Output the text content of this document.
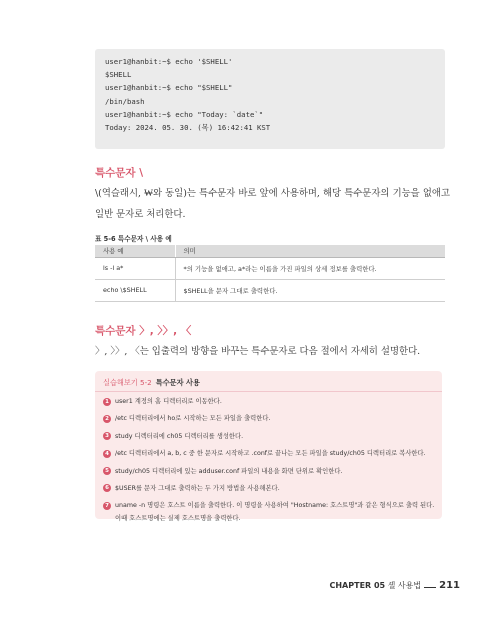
user1@hanbit:~$ echo '$SHELL'
$SHELL
user1@hanbit:~$ echo "$SHELL"
/bin/bash
user1@hanbit:~$ echo "Today: `date`"
Today: 2024. 05. 30. (목) 16:42:41 KST
특수문자 \
\(역슬래시, ₩와 동일)는 특수문자 바로 앞에 사용하며, 해당 특수문자의 기능을 없애고 일반 문자로 처리한다.
표 5-6 특수문자 \ 사용 예
사용 예	의미
ls -l a*	*의 기능을 없애고, a*라는 이름을 가진 파일의 상세 정보를 출력한다.
echo \$SHELL	$SHELL을 문자 그대로 출력한다.
특수문자 〉, 〉〉, 〈
〉, 〉〉, 〈는 입출력의 방향을 바꾸는 특수문자로 다음 절에서 자세히 설명한다.
실습해보기 5-2 특수문자 사용
1 user1 계정의 홈 디렉터리로 이동한다.
2 /etc 디렉터리에서 ho로 시작하는 모든 파일을 출력한다.
3 study 디렉터리에 ch05 디렉터리를 생성한다.
4 /etc 디렉터리에서 a, b, c 중 한 문자로 시작하고 .conf로 끝나는 모든 파일을 study/ch05 디렉터리로 복사한다.
5 study/ch05 디렉터리에 있는 adduser.conf 파일의 내용을 화면 단위로 확인한다.
6 $USER를 문자 그대로 출력하는 두 가지 방법을 사용해본다.
7 uname -n 명령은 호스트 이름을 출력한다. 이 명령을 사용하여 "Hostname: 호스트명"과 같은 형식으로 출력 된다. 이때 호스트명에는 실제 호스트명을 출력한다.
CHAPTER 05
셸 사용법 211
